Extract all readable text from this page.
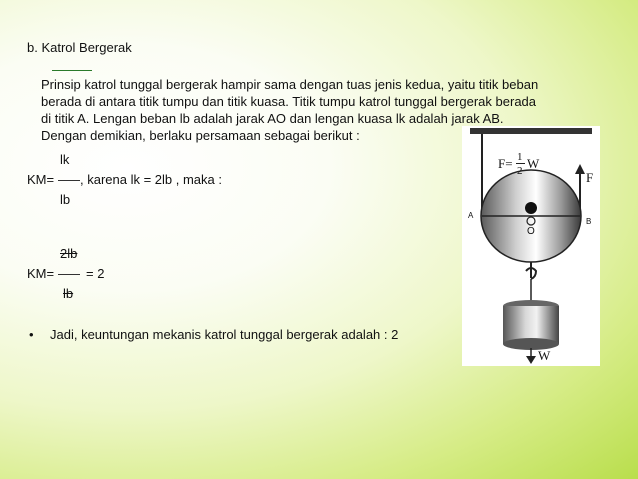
b. Katrol Bergerak
Prinsip katrol tunggal bergerak hampir sama dengan tuas jenis kedua, yaitu titik beban
berada di antara titik tumpu dan titik kuasa. Titik tumpu katrol tunggal bergerak berada
di titik A. Lengan beban lb adalah jarak AO dan lengan kuasa lk adalah jarak AB.
Dengan demikian, berlaku persamaan sebagai berikut :
lk
KM= , karena lk = 2lb , maka :
lb
2lb
KM= = 2
lb
• Jadi, keuntungan mekanis katrol tunggal bergerak adalah : 2
F= 1
2 W
F
A
O
B
W
